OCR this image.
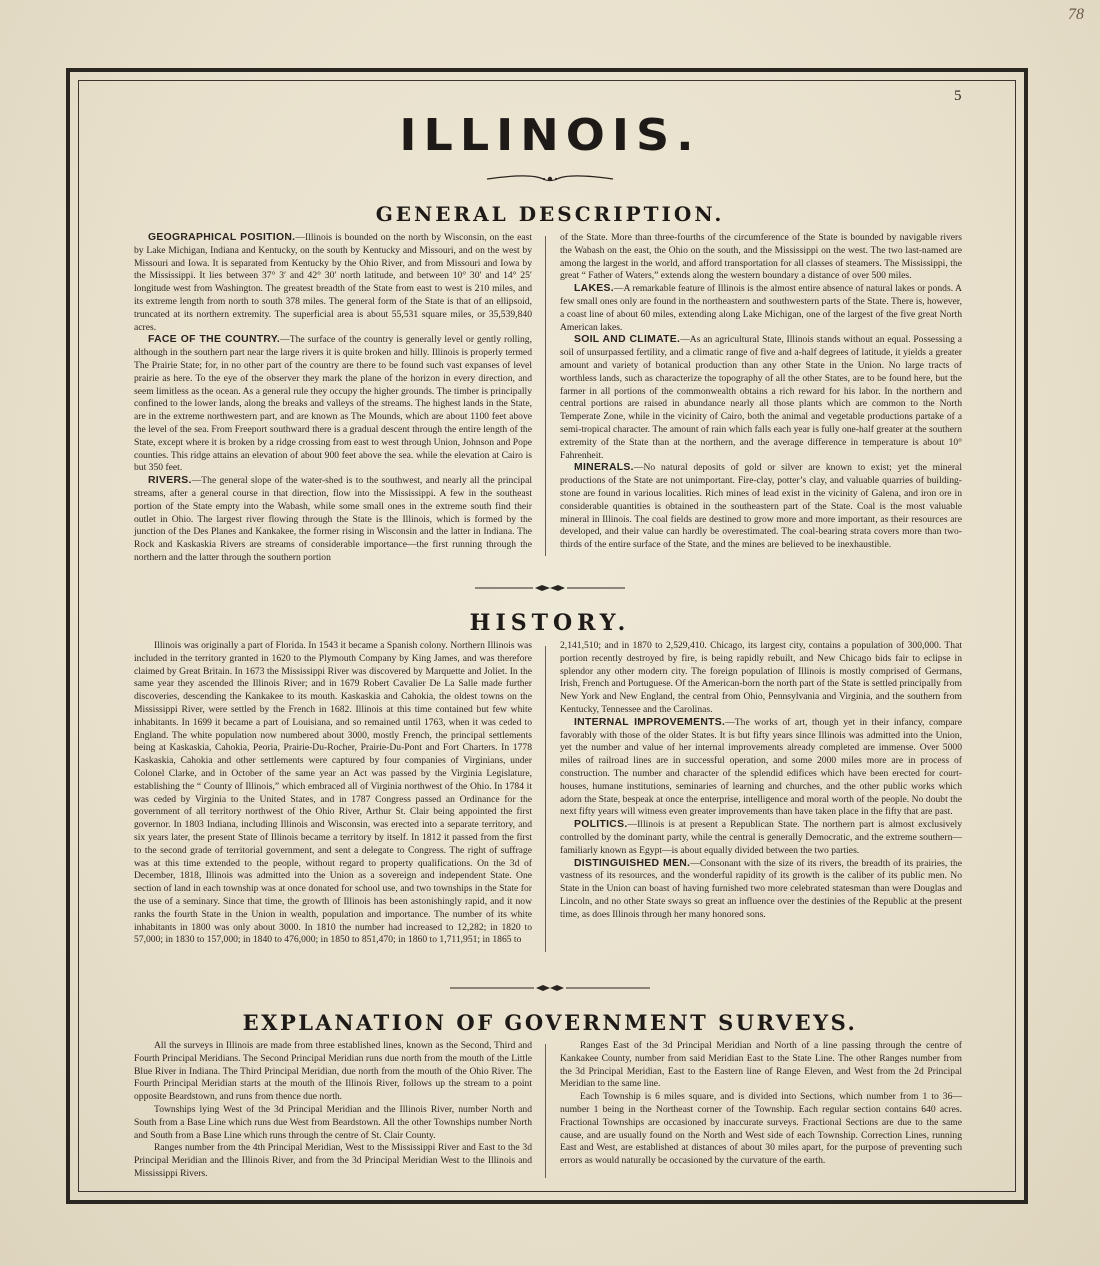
78
5
ILLINOIS.
GENERAL DESCRIPTION.

GEOGRAPHICAL POSITION.—Illinois is bounded on the north by Wisconsin, on the east by Lake Michigan, Indiana and Kentucky, on the south by Kentucky and Missouri, and on the west by Missouri and Iowa. It is separated from Kentucky by the Ohio River, and from Missouri and Iowa by the Mississippi. It lies between 37° 3′ and 42° 30′ north latitude, and between 10° 30′ and 14° 25′ longitude west from Washington. The greatest breadth of the State from east to west is 210 miles, and its extreme length from north to south 378 miles. The general form of the State is that of an ellipsoid, truncated at its northern extremity. The superficial area is about 55,531 square miles, or 35,539,840 acres.

FACE OF THE COUNTRY.—The surface of the country is generally level or gently rolling, although in the southern part near the large rivers it is quite broken and hilly. Illinois is properly termed The Prairie State; for, in no other part of the country are there to be found such vast expanses of level prairie as here. To the eye of the observer they mark the plane of the horizon in every direction, and seem limitless as the ocean. As a general rule they occupy the higher grounds. The timber is principally confined to the lower lands, along the breaks and valleys of the streams. The highest lands in the State, are in the extreme northwestern part, and are known as The Mounds, which are about 1100 feet above the level of the sea. From Freeport southward there is a gradual descent through the entire length of the State, except where it is broken by a ridge crossing from east to west through Union, Johnson and Pope counties. This ridge attains an elevation of about 900 feet above the sea. while the elevation at Cairo is but 350 feet.

RIVERS.—The general slope of the water-shed is to the southwest, and nearly all the principal streams, after a general course in that direction, flow into the Mississippi. A few in the southeast portion of the State empty into the Wabash, while some small ones in the extreme south find their outlet in Ohio. The largest river flowing through the State is the Illinois, which is formed by the junction of the Des Planes and Kankakee, the former rising in Wisconsin and the latter in Indiana. The Rock and Kaskaskia Rivers are streams of considerable importance—the first running through the northern and the latter through the southern portion

of the State. More than three-fourths of the circumference of the State is bounded by navigable rivers the Wabash on the east, the Ohio on the south, and the Mississippi on the west. The two last-named are among the largest in the world, and afford transportation for all classes of steamers. The Mississippi, the great “ Father of Waters,” extends along the western boundary a distance of over 500 miles.

LAKES.—A remarkable feature of Illinois is the almost entire absence of natural lakes or ponds. A few small ones only are found in the northeastern and southwestern parts of the State. There is, however, a coast line of about 60 miles, extending along Lake Michigan, one of the largest of the five great North American lakes.

SOIL AND CLIMATE.—As an agricultural State, Illinois stands without an equal. Possessing a soil of unsurpassed fertility, and a climatic range of five and a-half degrees of latitude, it yields a greater amount and variety of botanical production than any other State in the Union. No large tracts of worthless lands, such as characterize the topography of all the other States, are to be found here, but the farmer in all portions of the commonwealth obtains a rich reward for his labor. In the northern and central portions are raised in abundance nearly all those plants which are common to the North Temperate Zone, while in the vicinity of Cairo, both the animal and vegetable productions partake of a semi-tropical character. The amount of rain which falls each year is fully one-half greater at the southern extremity of the State than at the northern, and the average difference in temperature is about 10° Fahrenheit.

MINERALS.—No natural deposits of gold or silver are known to exist; yet the mineral productions of the State are not unimportant. Fire-clay, potter’s clay, and valuable quarries of building-stone are found in various localities. Rich mines of lead exist in the vicinity of Galena, and iron ore in considerable quantities is obtained in the southeastern part of the State. Coal is the most valuable mineral in Illinois. The coal fields are destined to grow more and more important, as their resources are developed, and their value can hardly be overestimated. The coal-bearing strata covers more than two-thirds of the entire surface of the State, and the mines are believed to be inexhaustible.

HISTORY.

Illinois was originally a part of Florida. In 1543 it became a Spanish colony. Northern Illinois was included in the territory granted in 1620 to the Plymouth Company by King James, and was therefore claimed by Great Britain. In 1673 the Mississippi River was discovered by Marquette and Joliet. In the same year they ascended the Illinois River; and in 1679 Robert Cavalier De La Salle made further discoveries, descending the Kankakee to its mouth. Kaskaskia and Cahokia, the oldest towns on the Mississippi River, were settled by the French in 1682. Illinois at this time contained but few white inhabitants. In 1699 it became a part of Louisiana, and so remained until 1763, when it was ceded to England. The white population now numbered about 3000, mostly French, the principal settlements being at Kaskaskia, Cahokia, Peoria, Prairie-Du-Rocher, Prairie-Du-Pont and Fort Charters. In 1778 Kaskaskia, Cahokia and other settlements were captured by four companies of Virginians, under Colonel Clarke, and in October of the same year an Act was passed by the Virginia Legislature, establishing the “ County of Illinois,” which embraced all of Virginia northwest of the Ohio. In 1784 it was ceded by Virginia to the United States, and in 1787 Congress passed an Ordinance for the government of all territory northwest of the Ohio River, Arthur St. Clair being appointed the first governor. In 1803 Indiana, including Illinois and Wisconsin, was erected into a separate territory, and six years later, the present State of Illinois became a territory by itself. In 1812 it passed from the first to the second grade of territorial government, and sent a delegate to Congress. The right of suffrage was at this time extended to the people, without regard to property qualifications. On the 3d of December, 1818, Illinois was admitted into the Union as a sovereign and independent State. One section of land in each township was at once donated for school use, and two townships in the State for the use of a seminary. Since that time, the growth of Illinois has been astonishingly rapid, and it now ranks the fourth State in the Union in wealth, population and importance. The number of its white inhabitants in 1800 was only about 3000. In 1810 the number had increased to 12,282; in 1820 to 57,000; in 1830 to 157,000; in 1840 to 476,000; in 1850 to 851,470; in 1860 to 1,711,951; in 1865 to

2,141,510; and in 1870 to 2,529,410. Chicago, its largest city, contains a population of 300,000. That portion recently destroyed by fire, is being rapidly rebuilt, and New Chicago bids fair to eclipse in splendor any other modern city. The foreign population of Illinois is mostly comprised of Germans, Irish, French and Portuguese. Of the American-born the north part of the State is settled principally from New York and New England, the central from Ohio, Pennsylvania and Virginia, and the southern from Kentucky, Tennessee and the Carolinas.

INTERNAL IMPROVEMENTS.—The works of art, though yet in their infancy, compare favorably with those of the older States. It is but fifty years since Illinois was admitted into the Union, yet the number and value of her internal improvements already completed are immense. Over 5000 miles of railroad lines are in successful operation, and some 2000 miles more are in process of construction. The number and character of the splendid edifices which have been erected for court-houses, humane institutions, seminaries of learning and churches, and the other public works which adorn the State, bespeak at once the enterprise, intelligence and moral worth of the people. No doubt the next fifty years will witness even greater improvements than have taken place in the fifty that are past.

POLITICS.—Illinois is at present a Republican State. The northern part is almost exclusively controlled by the dominant party, while the central is generally Democratic, and the extreme southern—familiarly known as Egypt—is about equally divided between the two parties.

DISTINGUISHED MEN.—Consonant with the size of its rivers, the breadth of its prairies, the vastness of its resources, and the wonderful rapidity of its growth is the caliber of its public men. No State in the Union can boast of having furnished two more celebrated statesman than were Douglas and Lincoln, and no other State sways so great an influence over the destinies of the Republic at the present time, as does Illinois through her many honored sons.

EXPLANATION OF GOVERNMENT SURVEYS.

All the surveys in Illinois are made from three established lines, known as the Second, Third and Fourth Principal Meridians. The Second Principal Meridian runs due north from the mouth of the Little Blue River in Indiana. The Third Principal Meridian, due north from the mouth of the Ohio River. The Fourth Principal Meridian starts at the mouth of the Illinois River, follows up the stream to a point opposite Beardstown, and runs from thence due north.

Townships lying West of the 3d Principal Meridian and the Illinois River, number North and South from a Base Line which runs due West from Beardstown. All the other Townships number North and South from a Base Line which runs through the centre of St. Clair County.

Ranges number from the 4th Principal Meridian, West to the Mississippi River and East to the 3d Principal Meridian and the Illinois River, and from the 3d Principal Meridian West to the Illinois and Mississippi Rivers.

Ranges East of the 3d Principal Meridian and North of a line passing through the centre of Kankakee County, number from said Meridian East to the State Line. The other Ranges number from the 3d Principal Meridian, East to the Eastern line of Range Eleven, and West from the 2d Principal Meridian to the same line.

Each Township is 6 miles square, and is divided into Sections, which number from 1 to 36—number 1 being in the Northeast corner of the Township. Each regular section contains 640 acres. Fractional Townships are occasioned by inaccurate surveys. Fractional Sections are due to the same cause, and are usually found on the North and West side of each Township. Correction Lines, running East and West, are established at distances of about 30 miles apart, for the purpose of preventing such errors as would naturally be occasioned by the curvature of the earth.
